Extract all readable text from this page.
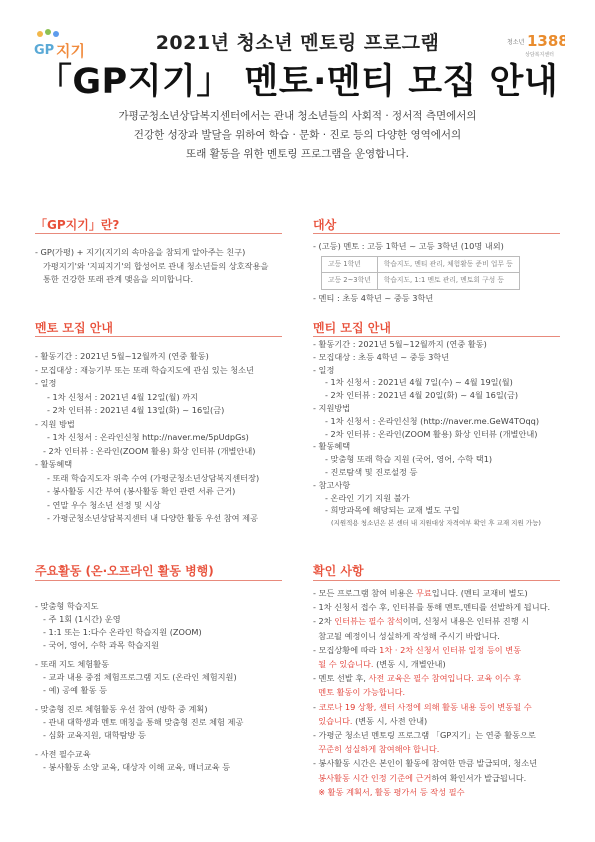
GP 지기	청소년 1388
상담복지센터
2021년 청소년 멘토링 프로그램
「GP지기」 멘토·멘티 모집 안내
가평군청소년상담복지센터에서는 관내 청소년들의 사회적 · 정서적 측면에서의
건강한 성장과 발달을 위하여 학습 · 문화 · 진로 등의 다양한 영역에서의
또래 활동을 위한 멘토링 프로그램을 운영합니다.
「GP지기」란?
- GP(가평) + 지기(지기의 속마음을 참되게 알아주는 친구)
가평지기'와 '지피지기'의 합성어로 관내 청소년들의 상호작용을
통한 건강한 또래 관계 맺음을 의미합니다.
대상
- (고등) 멘토 : 고등 1학년 ~ 고등 3학년 (10명 내외)
고등 1학년	학습지도, 멘티 관리, 체험활동 준비 업무 등
고등 2~3학년	학습지도, 1:1 멘토 관리, 멘토회 구성 등
- 멘티 : 초등 4학년 ~ 중등 3학년
멘토 모집 안내
- 활동기간 : 2021년 5월~12월까지 (연중 활동)
- 모집대상 : 재능기부 또는 또래 학습지도에 관심 있는 청소년
- 일정
- 1차 신청서 : 2021년 4월 12일(월) 까지
- 2차 인터뷰 : 2021년 4월 13일(화) ~ 16일(금)
- 지원 방법
- 1차 신청서 : 온라인신청 http://naver.me/5pUdpGs)
- 2차 인터뷰 : 온라인(ZOOM 활용) 화상 인터뷰 (개별안내)
- 활동혜택
- 또래 학습지도자 위촉 수여 (가평군청소년상담복지센터장)
- 봉사활동 시간 부여 (봉사활동 확인 관련 서류 근거)
- 연말 우수 청소년 선정 및 시상
- 가평군청소년상담복지센터 내 다양한 활동 우선 참여 제공
멘티 모집 안내
- 활동기간 : 2021년 5월~12월까지 (연중 활동)
- 모집대상 : 초등 4학년 ~ 중등 3학년
- 일정
- 1차 신청서 : 2021년 4월 7일(수) ~ 4월 19일(월)
- 2차 인터뷰 : 2021년 4월 20일(화) ~ 4월 16일(금)
- 지원방법
- 1차 신청서 : 온라인신청 (http://naver.me.GeW4TOqq)
- 2차 인터뷰 : 온라인(ZOOM 활용) 화상 인터뷰 (개별안내)
- 활동혜택
- 맞춤형 또래 학습 지원 (국어, 영어, 수학 택1)
- 진로탐색 및 진로설정 등
- 참고사항
- 온라인 기기 지원 불가
- 희망과목에 해당되는 교재 별도 구입
(지원적용 청소년은 본 센터 내 지원대상 자격여부 확인 후 교재 지원 가능)
주요활동 (온·오프라인 활동 병행)
- 맞춤형 학습지도
- 주 1회 (1시간) 운영
- 1:1 또는 1:다수 온라인 학습지원 (ZOOM)
- 국어, 영어, 수학 과목 학습지원
- 또래 지도 체험활동
- 교과 내용 중점 체험프로그램 지도 (온라인 체험지원)
- 예) 공예 활동 등
- 맞춤형 진로 체험활동 우선 참여 (방학 중 계획)
- 관내 대학생과 멘토 매칭을 통해 맞춤형 진로 체험 제공
- 심화 교육지원, 대학탐방 등
- 사전 필수교육
- 봉사활동 소양 교육, 대상자 이해 교육, 매너교육 등
확인 사항
- 모든 프로그램 참여 비용은 무료입니다. (멘티 교재비 별도)
- 1차 신청서 접수 후, 인터뷰를 통해 멘토,멘티를 선발하게 됩니다.
- 2차 인터뷰는 필수 참석이며, 신청서 내용은 인터뷰 진행 시
참고될 예정이니 성실하게 작성해 주시기 바랍니다.
- 모집상황에 따라 1차 · 2차 신청서 인터뷰 일정 등이 변동
될 수 있습니다. (변동 시, 개별안내)
- 멘토 선발 후, 사전 교육은 필수 참여입니다. 교육 이수 후
멘토 활동이 가능합니다.
- 코로나 19 상황, 센터 사정에 의해 활동 내용 등이 변동될 수
있습니다. (변동 시, 사전 안내)
- 가평군 청소년 멘토링 프로그램 「GP지기」는 연중 활동으로
꾸준히 성실하게 참여해야 합니다.
- 봉사활동 시간은 본인이 활동에 참여한 만큼 발급되며, 청소년
봉사활동 시간 인정 기준에 근거하여 확인서가 발급됩니다.
※ 활동 계획서, 활동 평가서 등 작성 필수
